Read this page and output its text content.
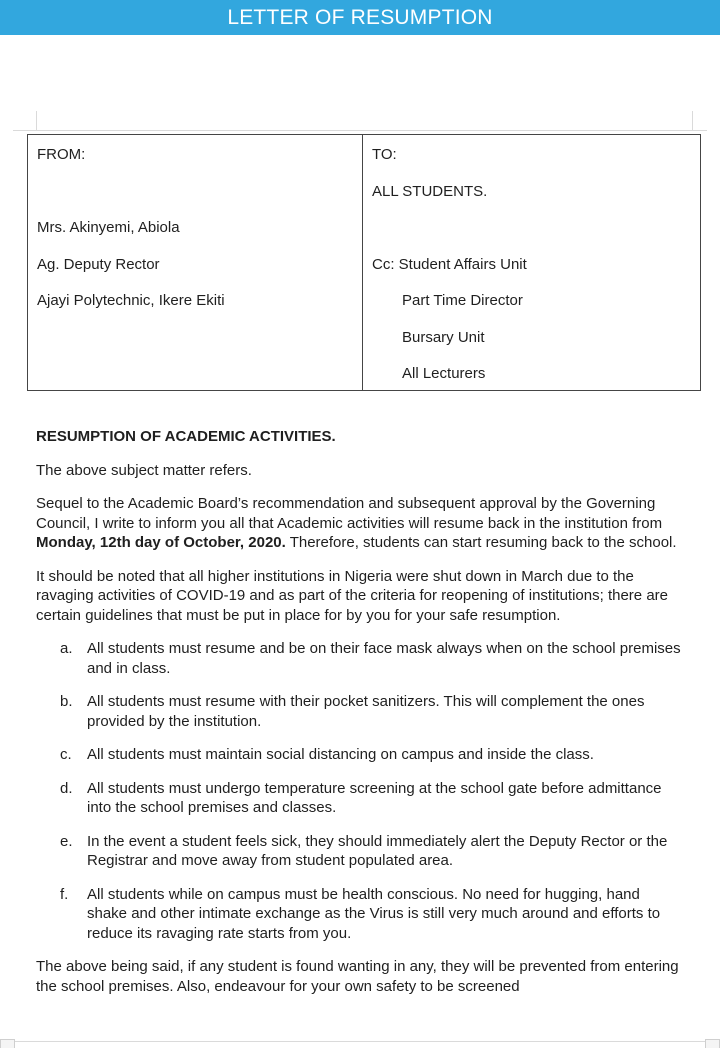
LETTER OF RESUMPTION
FROM:
Mrs. Akinyemi, Abiola
Ag. Deputy Rector
Ajayi Polytechnic, Ikere Ekiti
TO:
ALL STUDENTS.
Cc: Student Affairs Unit
Part Time Director
Bursary Unit
All Lecturers
RESUMPTION OF ACADEMIC ACTIVITIES.
The above subject matter refers.
Sequel to the Academic Board’s recommendation and subsequent approval by the Governing Council, I write to inform you all that Academic activities will resume back in the institution from Monday, 12th day of October, 2020. Therefore, students can start resuming back to the school.
It should be noted that all higher institutions in Nigeria were shut down in March due to the ravaging activities of COVID-19 and as part of the criteria for reopening of institutions; there are certain guidelines that must be put in place for by you for your safe resumption.
a. All students must resume and be on their face mask always when on the school premises and in class.
b. All students must resume with their pocket sanitizers. This will complement the ones provided by the institution.
c.	All students must maintain social distancing on campus and inside the class.
d. All students must undergo temperature screening at the school gate before admittance into the school premises and classes.
e. In the event a student feels sick, they should immediately alert the Deputy Rector or the Registrar and move away from student populated area.
f.	All students while on campus must be health conscious. No need for hugging, hand shake and other intimate exchange as the Virus is still very much around and efforts to reduce its ravaging rate starts from you.
The above being said, if any student is found wanting in any, they will be prevented from entering the school premises. Also, endeavour for your own safety to be screened
